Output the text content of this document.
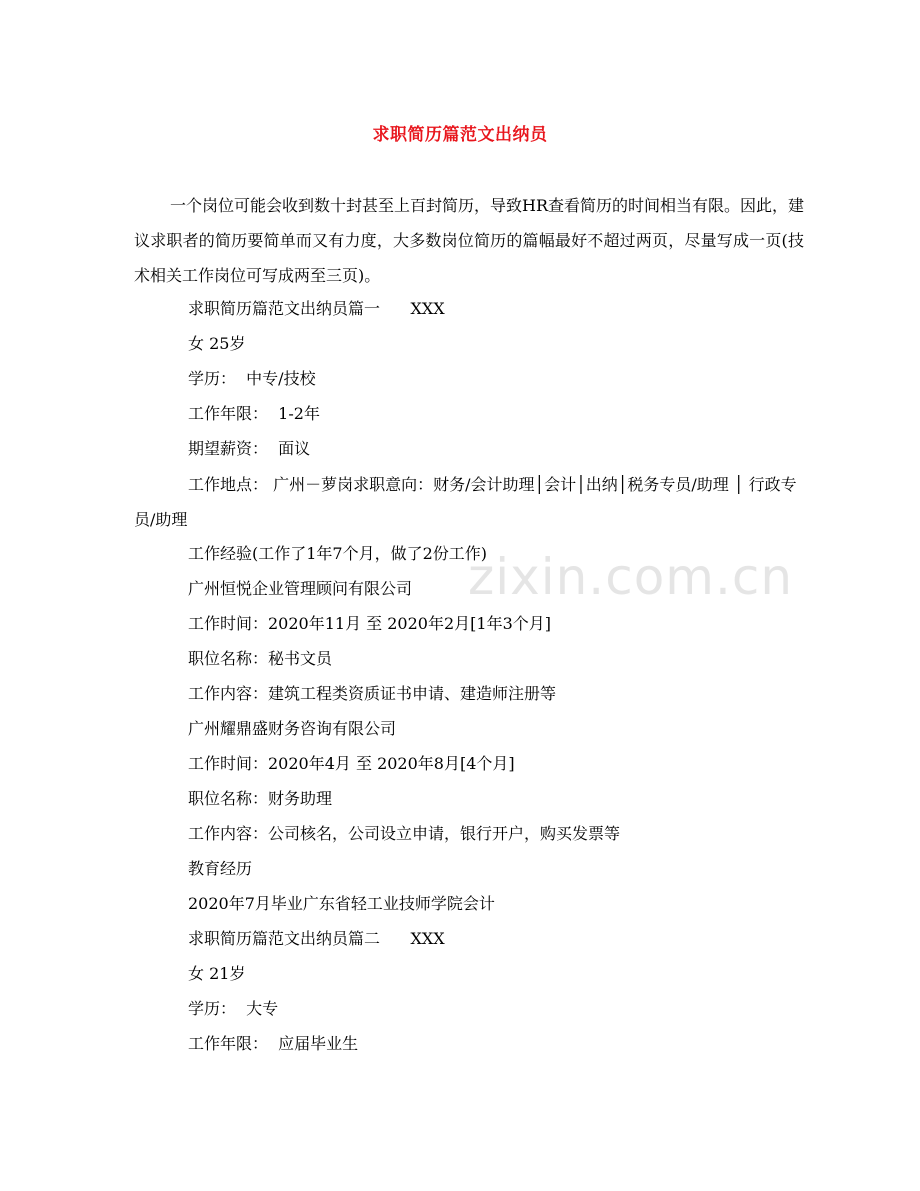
求职简历篇范文出纳员

一个岗位可能会收到数十封甚至上百封简历，导致HR查看简历的时间相当有限。因此，建议求职者的简历要简单而又有力度，大多数岗位简历的篇幅最好不超过两页，尽量写成一页(技术相关工作岗位可写成两至三页)。

求职简历篇范文出纳员篇一      XXX

女 25岁

学历：  中专/技校

工作年限：  1-2年

期望薪资：  面议

工作地点： 广州－萝岗求职意向：财务/会计助理│会计│出纳│税务专员/助理 │ 行政专员/助理

工作经验(工作了1年7个月，做了2份工作)

广州恒悦企业管理顾问有限公司

工作时间：2020年11月 至 2020年2月[1年3个月]

职位名称：秘书文员

工作内容：建筑工程类资质证书申请、建造师注册等

广州耀鼎盛财务咨询有限公司

工作时间：2020年4月 至 2020年8月[4个月]

职位名称：财务助理

工作内容：公司核名，公司设立申请，银行开户，购买发票等

教育经历

2020年7月毕业广东省轻工业技师学院会计

求职简历篇范文出纳员篇二      XXX

女 21岁

学历：  大专

工作年限：  应届毕业生

zixin.com.cn
